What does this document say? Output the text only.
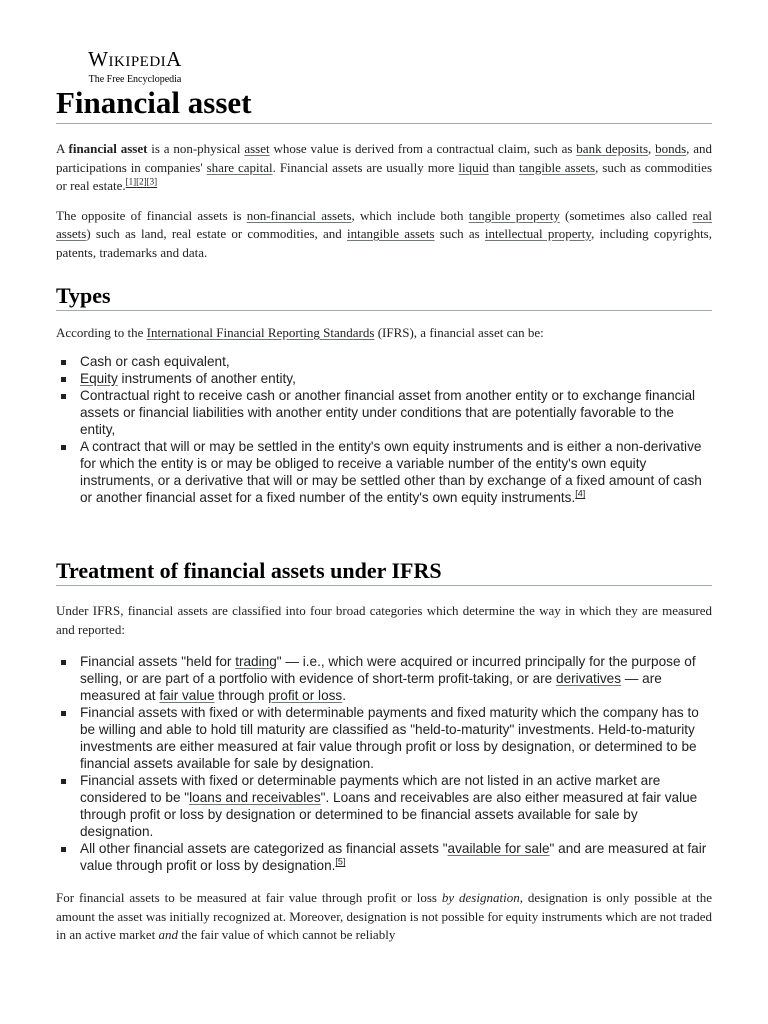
WIKIPEDIA
The Free Encyclopedia
Financial asset

A financial asset is a non-physical asset whose value is derived from a contractual claim, such as bank deposits, bonds, and participations in companies' share capital. Financial assets are usually more liquid than tangible assets, such as commodities or real estate.[1][2][3]

The opposite of financial assets is non-financial assets, which include both tangible property (sometimes also called real assets) such as land, real estate or commodities, and intangible assets such as intellectual property, including copyrights, patents, trademarks and data.

Types

According to the International Financial Reporting Standards (IFRS), a financial asset can be:

Cash or cash equivalent,
Equity instruments of another entity,
Contractual right to receive cash or another financial asset from another entity or to exchange financial assets or financial liabilities with another entity under conditions that are potentially favorable to the entity,
A contract that will or may be settled in the entity's own equity instruments and is either a non-derivative for which the entity is or may be obliged to receive a variable number of the entity's own equity instruments, or a derivative that will or may be settled other than by exchange of a fixed amount of cash or another financial asset for a fixed number of the entity's own equity instruments.[4]
Treatment of financial assets under IFRS

Under IFRS, financial assets are classified into four broad categories which determine the way in which they are measured and reported:

Financial assets "held for trading" — i.e., which were acquired or incurred principally for the purpose of selling, or are part of a portfolio with evidence of short-term profit-taking, or are derivatives — are measured at fair value through profit or loss.
Financial assets with fixed or with determinable payments and fixed maturity which the company has to be willing and able to hold till maturity are classified as "held-to-maturity" investments. Held-to-maturity investments are either measured at fair value through profit or loss by designation, or determined to be financial assets available for sale by designation.
Financial assets with fixed or determinable payments which are not listed in an active market are considered to be "loans and receivables". Loans and receivables are also either measured at fair value through profit or loss by designation or determined to be financial assets available for sale by designation.
All other financial assets are categorized as financial assets "available for sale" and are measured at fair value through profit or loss by designation.[5]

For financial assets to be measured at fair value through profit or loss by designation, designation is only possible at the amount the asset was initially recognized at. Moreover, designation is not possible for equity instruments which are not traded in an active market and the fair value of which cannot be reliably
